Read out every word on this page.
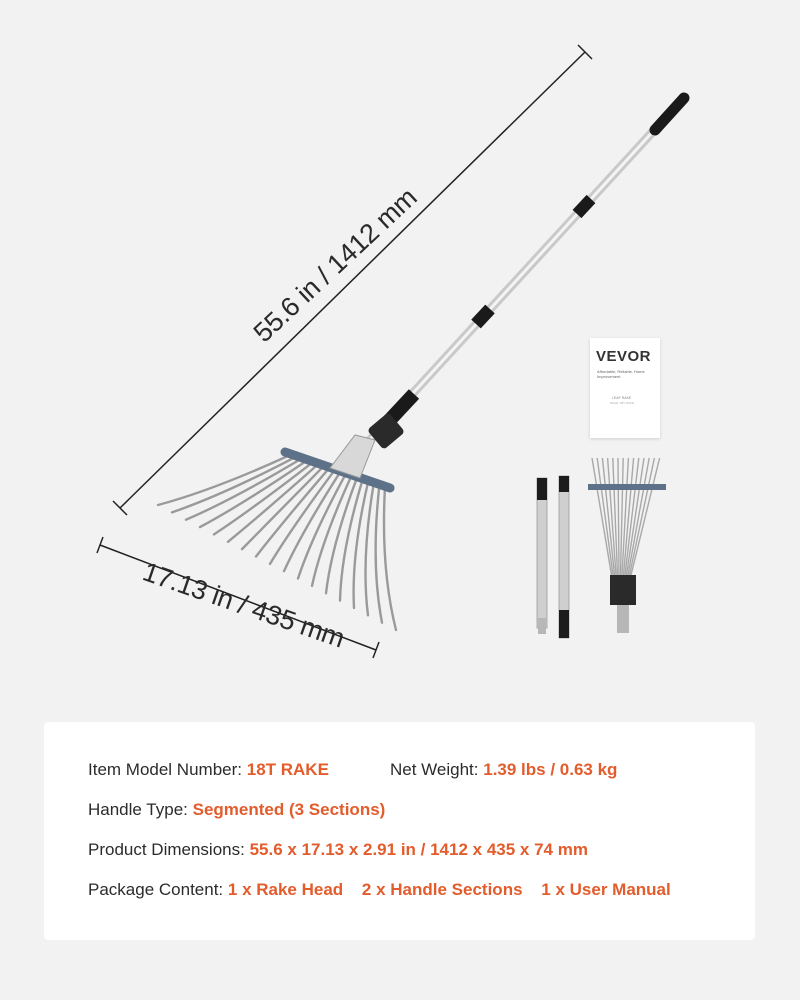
55.6 in / 1412 mm
17.13 in / 435 mm
VEVOR
Affordable, Reliable, Home Improvement
LEAF RAKE
Model: 18T RAKE
Item Model Number: 18T RAKE	Net Weight: 1.39 lbs / 0.63 kg
Handle Type: Segmented (3 Sections)
Product Dimensions: 55.6 x 17.13 x 2.91 in / 1412 x 435 x 74 mm
Package Content: 1 x Rake Head 2 x Handle Sections 1 x User Manual
